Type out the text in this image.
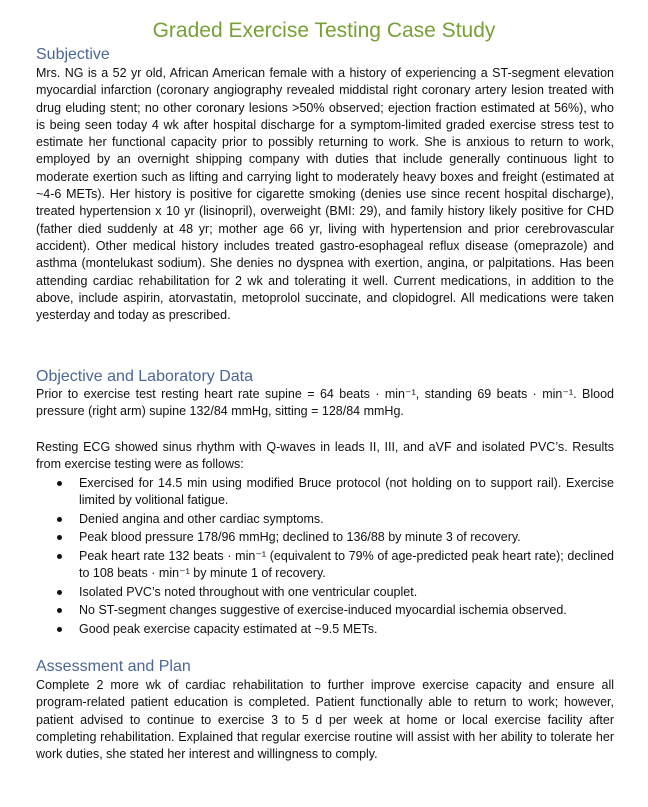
Graded Exercise Testing Case Study
Subjective

Mrs. NG is a 52 yr old, African American female with a history of experiencing a ST-segment elevation myocardial infarction (coronary angiography revealed middistal right coronary artery lesion treated with drug eluding stent; no other coronary lesions >50% observed; ejection fraction estimated at 56%), who is being seen today 4 wk after hospital discharge for a symptom-limited graded exercise stress test to estimate her functional capacity prior to possibly returning to work. She is anxious to return to work, employed by an overnight shipping company with duties that include generally continuous light to moderate exertion such as lifting and carrying light to moderately heavy boxes and freight (estimated at ~4-6 METs). Her history is positive for cigarette smoking (denies use since recent hospital discharge), treated hypertension x 10 yr (lisinopril), overweight (BMI: 29), and family history likely positive for CHD (father died suddenly at 48 yr; mother age 66 yr, living with hypertension and prior cerebrovascular accident). Other medical history includes treated gastro-esophageal reflux disease (omeprazole) and asthma (montelukast sodium). She denies no dyspnea with exertion, angina, or palpitations. Has been attending cardiac rehabilitation for 2 wk and tolerating it well. Current medications, in addition to the above, include aspirin, atorvastatin, metoprolol succinate, and clopidogrel. All medications were taken yesterday and today as prescribed.

Objective and Laboratory Data

Prior to exercise test resting heart rate supine = 64 beats · min⁻¹, standing 69 beats · min⁻¹. Blood pressure (right arm) supine 132/84 mmHg, sitting = 128/84 mmHg.

Resting ECG showed sinus rhythm with Q-waves in leads II, III, and aVF and isolated PVC’s. Results from exercise testing were as follows:

Exercised for 14.5 min using modified Bruce protocol (not holding on to support rail). Exercise limited by volitional fatigue.
Denied angina and other cardiac symptoms.
Peak blood pressure 178/96 mmHg; declined to 136/88 by minute 3 of recovery.
Peak heart rate 132 beats · min⁻¹ (equivalent to 79% of age-predicted peak heart rate); declined to 108 beats · min⁻¹ by minute 1 of recovery.
Isolated PVC’s noted throughout with one ventricular couplet.
No ST-segment changes suggestive of exercise-induced myocardial ischemia observed.
Good peak exercise capacity estimated at ~9.5 METs.
Assessment and Plan

Complete 2 more wk of cardiac rehabilitation to further improve exercise capacity and ensure all program-related patient education is completed. Patient functionally able to return to work; however, patient advised to continue to exercise 3 to 5 d per week at home or local exercise facility after completing rehabilitation. Explained that regular exercise routine will assist with her ability to tolerate her work duties, she stated her interest and willingness to comply.
